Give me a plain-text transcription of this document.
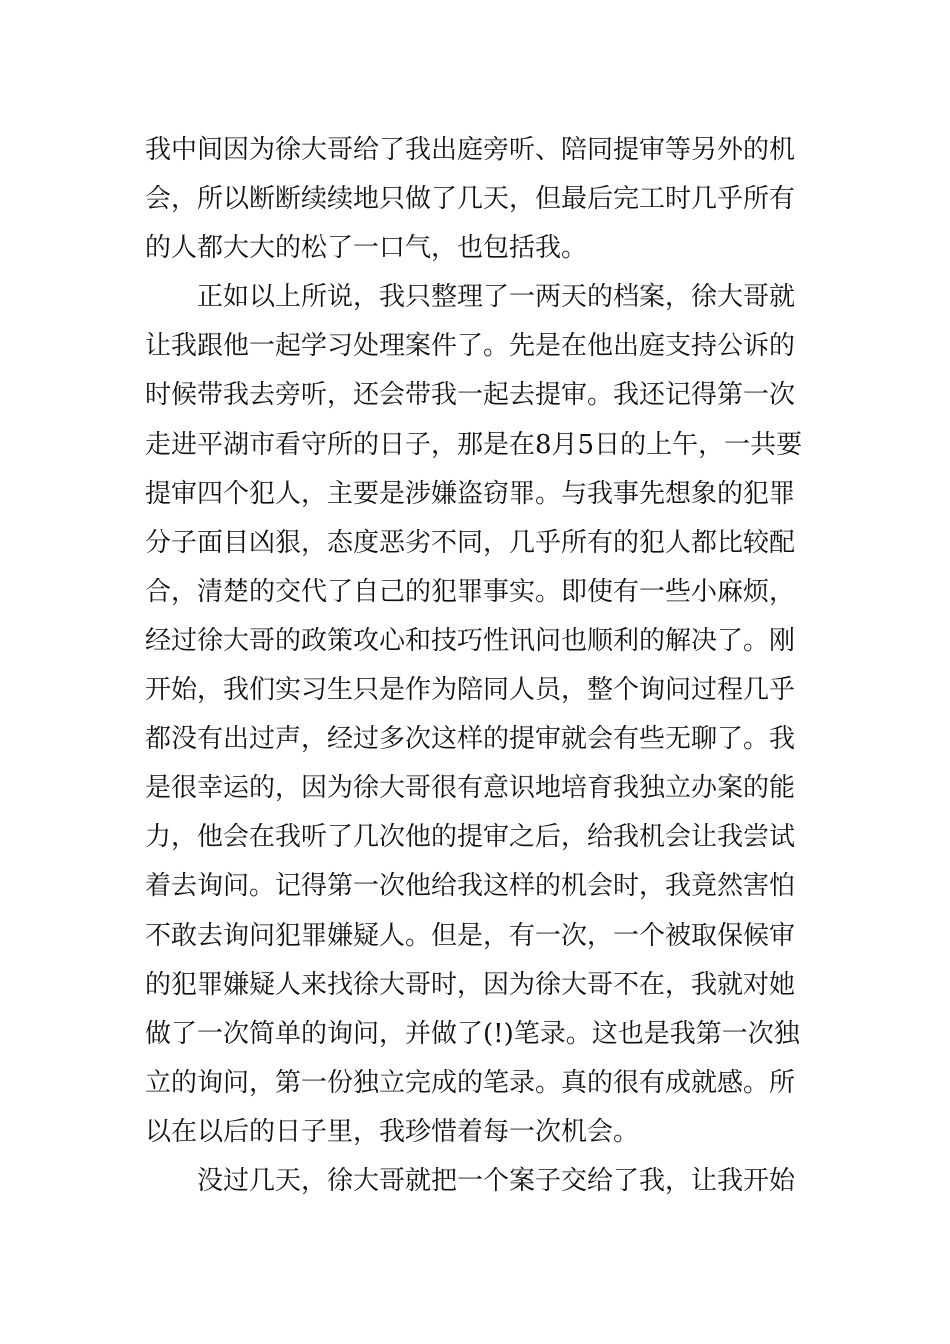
我中间因为徐大哥给了我出庭旁听、陪同提审等另外的机
会，所以断断续续地只做了几天，但最后完工时几乎所有
的人都大大的松了一口气，也包括我。
　　正如以上所说，我只整理了一两天的档案，徐大哥就
让我跟他一起学习处理案件了。先是在他出庭支持公诉的
时候带我去旁听，还会带我一起去提审。我还记得第一次
走进平湖市看守所的日子，那是在8月5日的上午，一共要
提审四个犯人，主要是涉嫌盗窃罪。与我事先想象的犯罪
分子面目凶狠，态度恶劣不同，几乎所有的犯人都比较配
合，清楚的交代了自己的犯罪事实。即使有一些小麻烦，
经过徐大哥的政策攻心和技巧性讯问也顺利的解决了。刚
开始，我们实习生只是作为陪同人员，整个询问过程几乎
都没有出过声，经过多次这样的提审就会有些无聊了。我
是很幸运的，因为徐大哥很有意识地培育我独立办案的能
力，他会在我听了几次他的提审之后，给我机会让我尝试
着去询问。记得第一次他给我这样的机会时，我竟然害怕
不敢去询问犯罪嫌疑人。但是，有一次，一个被取保候审
的犯罪嫌疑人来找徐大哥时，因为徐大哥不在，我就对她
做了一次简单的询问，并做了(!)笔录。这也是我第一次独
立的询问，第一份独立完成的笔录。真的很有成就感。所
以在以后的日子里，我珍惜着每一次机会。
　　没过几天，徐大哥就把一个案子交给了我，让我开始
